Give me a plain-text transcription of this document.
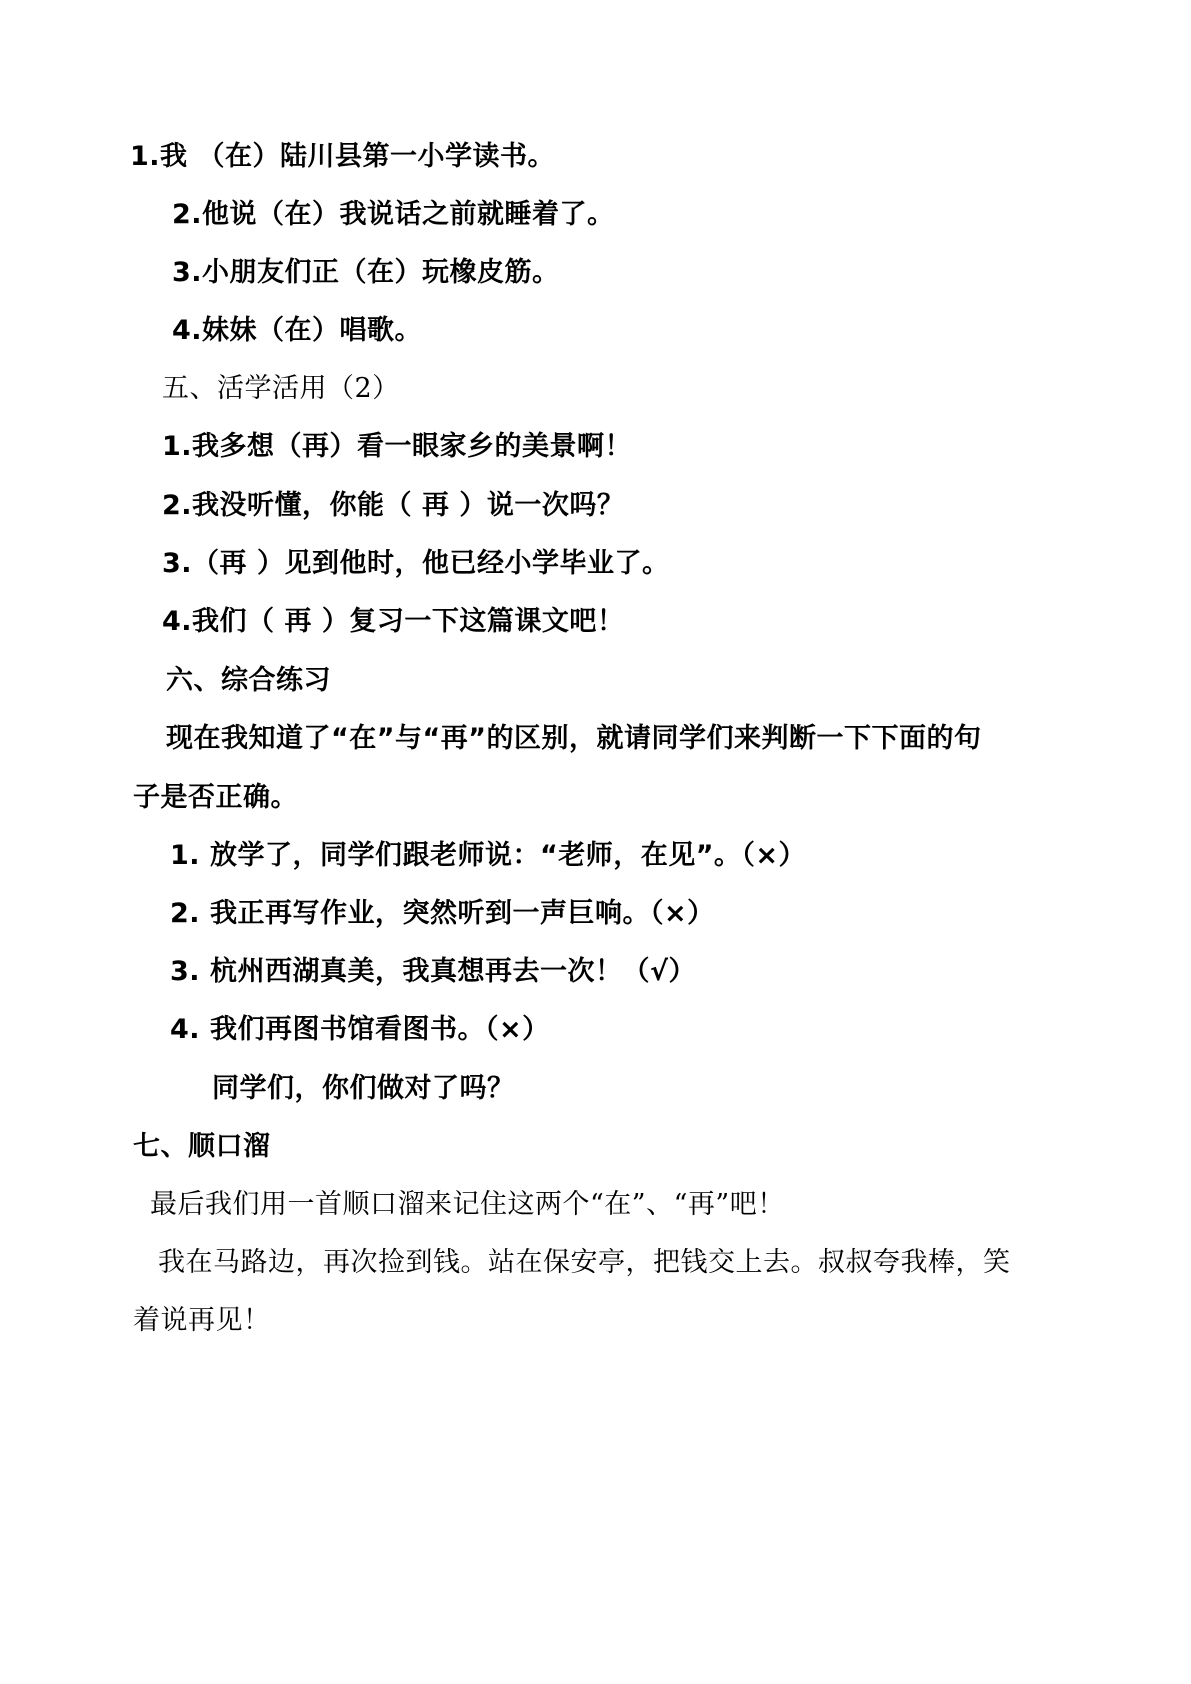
1.我 （在）陆川县第一小学读书。
2.他说（在）我说话之前就睡着了。
3.小朋友们正（在）玩橡皮筋。
4.妹妹（在）唱歌。
五、活学活用（2）
1.我多想（再）看一眼家乡的美景啊！
2.我没听懂，你能（ 再 ）说一次吗？
3.（再 ）见到他时，他已经小学毕业了。
4.我们（ 再 ）复习一下这篇课文吧！
六、综合练习
现在我知道了“在”与“再”的区别，就请同学们来判断一下下面的句
子是否正确。
1. 放学了，同学们跟老师说：“老师，在见”。（×）
2. 我正再写作业，突然听到一声巨响。（×）
3. 杭州西湖真美，我真想再去一次！（√）
4. 我们再图书馆看图书。（×）
同学们，你们做对了吗？
七、顺口溜
最后我们用一首顺口溜来记住这两个“在”、“再”吧！
我在马路边，再次捡到钱。站在保安亭，把钱交上去。叔叔夸我棒，笑
着说再见！
